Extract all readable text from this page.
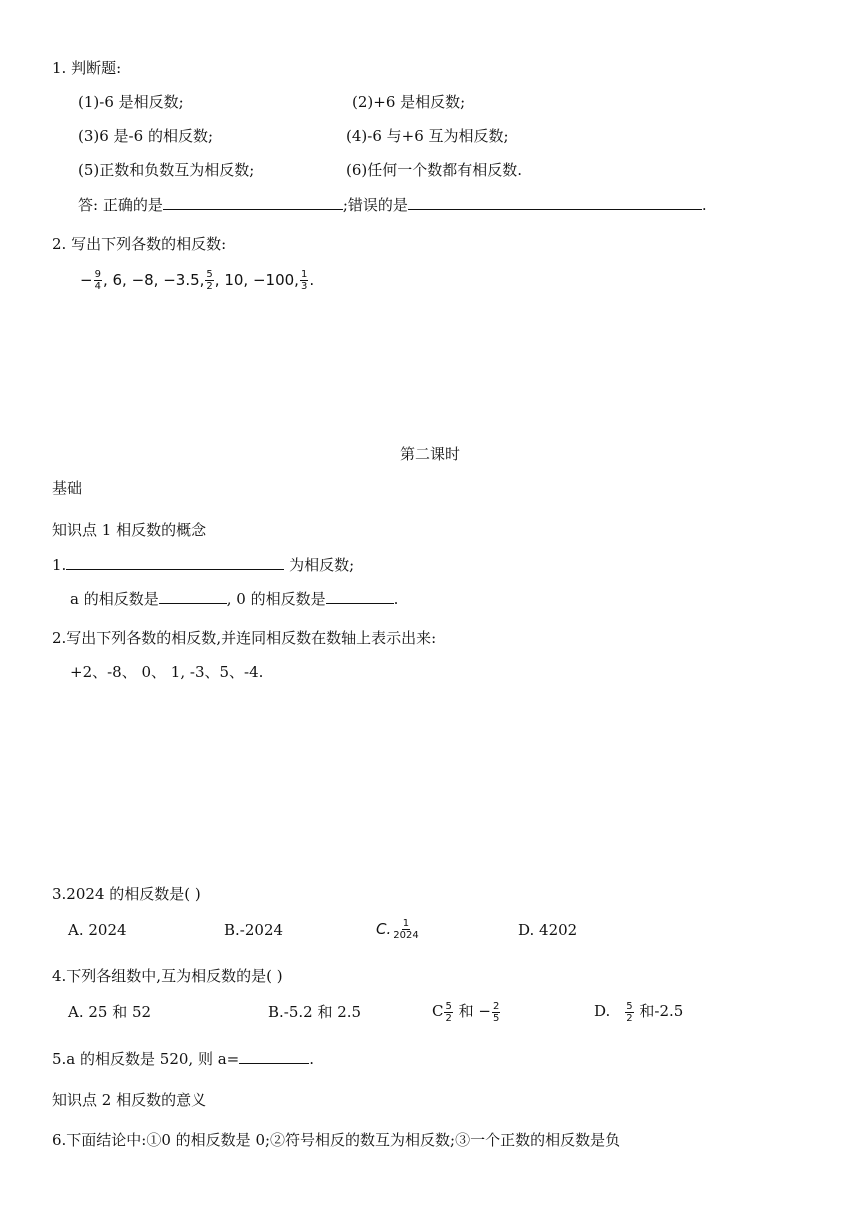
1. 判断题:
(1)-6 是相反数;	(2)+6 是相反数;
(3)6 是-6 的相反数;	(4)-6 与+6 互为相反数;
(5)正数和负数互为相反数;	(6)任何一个数都有相反数.
答: 正确的是	;错误的是	.
2. 写出下列各数的相反数:
− $\frac{9}{4}$ , 6, −8, −3.5, $\frac{5}{2}$ , 10, −100, $\frac{1}{3}$ .
第二课时
基础
知识点 1 相反数的概念
1.	为相反数;
a 的相反数是	, 0 的相反数是	.
2.写出下列各数的相反数,并连同相反数在数轴上表示出来:
+2、-8、 0、 1, -3、5、-4.
3.2024 的相反数是( )
A. 2024	B.-2024	C. $\frac{1}{2024}$	D. 4202
4.下列各组数中,互为相反数的是( )
A. 25 和 52	B.-5.2 和 2.5	C $\frac{5}{2}$ 和 − $\frac{2}{5}$	D. $\frac{5}{2}$ 和-2.5
5.a 的相反数是 520, 则 a=	.
知识点 2 相反数的意义
6.下面结论中:①0 的相反数是 0;②符号相反的数互为相反数;③一个正数的相反数是负
